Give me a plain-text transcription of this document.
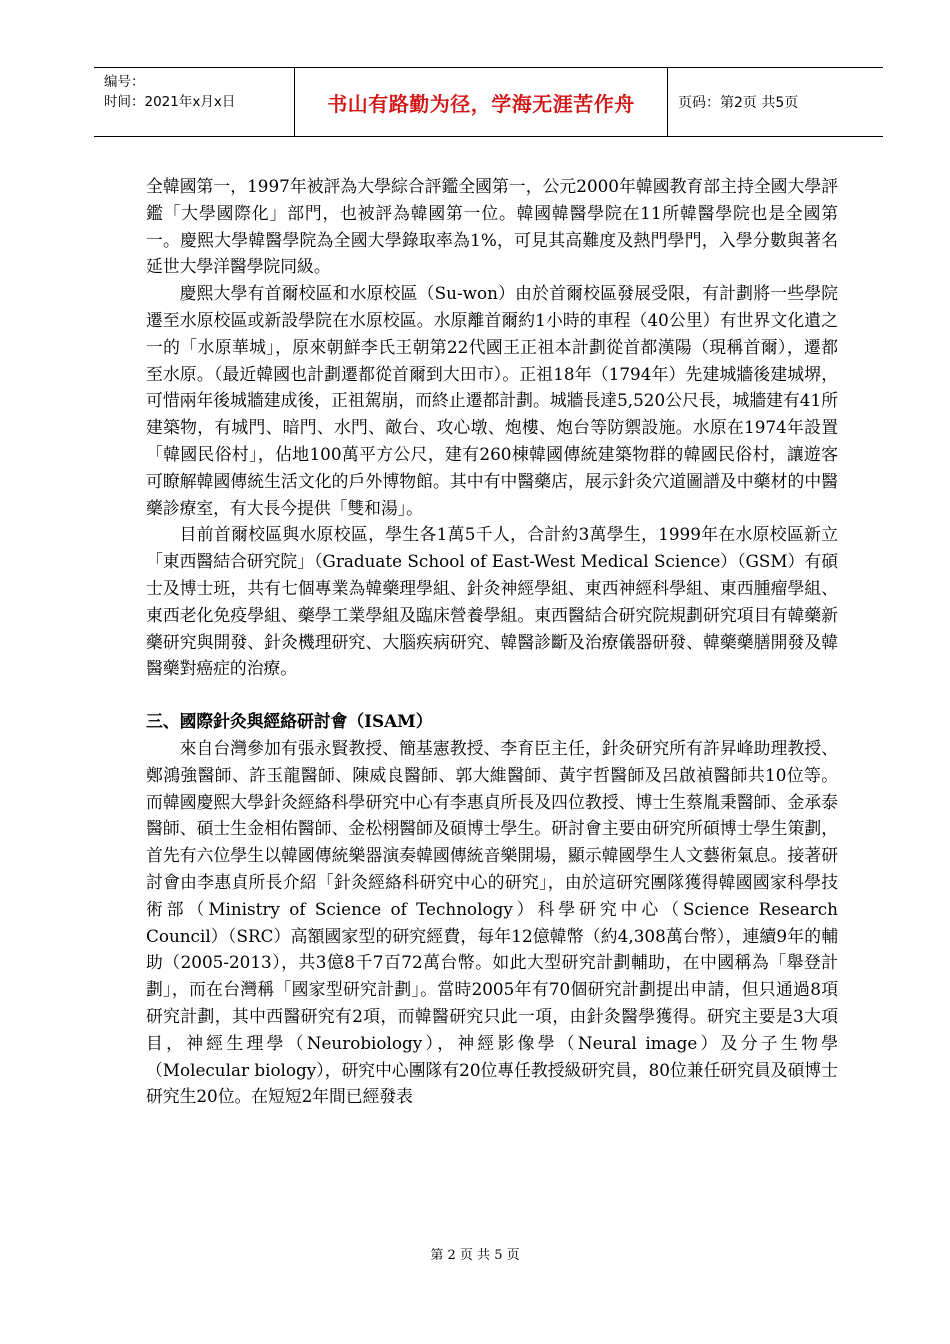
编号：
时间：2021年x月x日	书山有路勤为径，学海无涯苦作舟	页码：第2页 共5页

全韓國第一，1997年被評為大學綜合評鑑全國第一，公元2000年韓國教育部主持全國大學評鑑「大學國際化」部門，也被評為韓國第一位。韓國韓醫學院在11所韓醫學院也是全國第一。慶熙大學韓醫學院為全國大學錄取率為1%，可見其高難度及熱門學門，入學分數與著名延世大學洋醫學院同級。

慶熙大學有首爾校區和水原校區（Su-won）由於首爾校區發展受限，有計劃將一些學院遷至水原校區或新設學院在水原校區。水原離首爾約1小時的車程（40公里）有世界文化遺之一的「水原華城」，原來朝鮮李氏王朝第22代國王正祖本計劃從首都漢陽（現稱首爾），遷都至水原。（最近韓國也計劃遷都從首爾到大田市）。正祖18年（1794年）先建城牆後建城堺，可惜兩年後城牆建成後，正祖駕崩，而終止遷都計劃。城牆長達5,520公尺長，城牆建有41所建築物，有城門、暗門、水門、敵台、攻心墩、炮樓、炮台等防禦設施。水原在1974年設置「韓國民俗村」，佔地100萬平方公尺，建有260棟韓國傳統建築物群的韓國民俗村，讓遊客可瞭解韓國傳統生活文化的戶外博物館。其中有中醫藥店，展示針灸穴道圖譜及中藥材的中醫藥診療室，有大長今提供「雙和湯」。

目前首爾校區與水原校區，學生各1萬5千人，合計約3萬學生，1999年在水原校區新立「東西醫結合研究院」（Graduate School of East-West Medical Science）（GSM）有碩士及博士班，共有七個專業為韓藥理學組、針灸神經學組、東西神經科學組、東西腫瘤學組、東西老化免疫學組、藥學工業學組及臨床營養學組。東西醫結合研究院規劃研究項目有韓藥新藥研究與開發、針灸機理研究、大腦疾病研究、韓醫診斷及治療儀器研發、韓藥藥膳開發及韓醫藥對癌症的治療。

三、國際針灸與經絡研討會（ISAM）

來自台灣參加有張永賢教授、簡基憲教授、李育臣主任，針灸研究所有許昇峰助理教授、鄭鴻強醫師、許玉龍醫師、陳威良醫師、郭大維醫師、黃宇哲醫師及呂啟禎醫師共10位等。而韓國慶熙大學針灸經絡科學研究中心有李惠貞所長及四位教授、博士生蔡胤秉醫師、金承泰醫師、碩士生金相佑醫師、金松栩醫師及碩博士學生。研討會主要由研究所碩博士學生策劃，首先有六位學生以韓國傳統樂器演奏韓國傳統音樂開場，顯示韓國學生人文藝術氣息。接著研討會由李惠貞所長介紹「針灸經絡科研究中心的研究」，由於這研究團隊獲得韓國國家科學技術部（Ministry of Science of Technology）科學研究中心（Science Research Council）（SRC）高額國家型的研究經費，每年12億韓幣（約4,308萬台幣），連續9年的輔助（2005-2013），共3億8千7百72萬台幣。如此大型研究計劃輔助，在中國稱為「舉登計劃」，而在台灣稱「國家型研究計劃」。當時2005年有70個研究計劃提出申請，但只通過8項研究計劃，其中西醫研究有2項，而韓醫研究只此一項，由針灸醫學獲得。研究主要是3大項目，神經生理學（Neurobiology），神經影像學（Neural image）及分子生物學（Molecular biology），研究中心團隊有20位專任教授級研究員，80位兼任研究員及碩博士研究生20位。在短短2年間已經發表

第 2 页 共 5 页
